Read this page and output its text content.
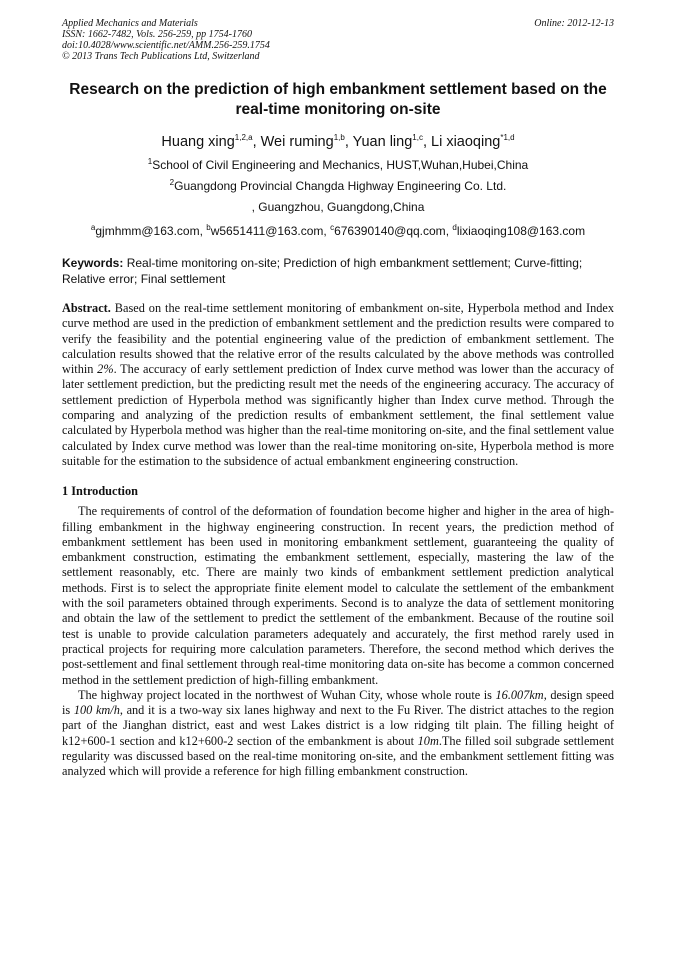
Applied Mechanics and Materials
ISSN: 1662-7482, Vols. 256-259, pp 1754-1760
doi:10.4028/www.scientific.net/AMM.256-259.1754
© 2013 Trans Tech Publications Ltd, Switzerland
Online: 2012-12-13
Research on the prediction of high embankment settlement based on the
real-time monitoring on-site
Huang xing$^{1,2,a}$, Wei ruming$^{1,b}$, Yuan ling$^{1,c}$, Li xiaoqing$^{*1,d}$
$^1$School of Civil Engineering and Mechanics, HUST,Wuhan,Hubei,China
$^2$Guangdong Provincial Changda Highway Engineering Co. Ltd.
, Guangzhou, Guangdong,China
$^a$gjmhmm@163.com, $^b$w5651411@163.com, $^c$676390140@qq.com, $^d$lixiaoqing108@163.com
Keywords: Real-time monitoring on-site; Prediction of high embankment settlement; Curve-fitting; Relative error; Final settlement
Abstract. Based on the real-time settlement monitoring of embankment on-site, Hyperbola method and Index curve method are used in the prediction of embankment settlement and the prediction results were compared to verify the feasibility and the potential engineering value of the prediction of embankment settlement. The calculation results showed that the relative error of the results calculated by the above methods was controlled within 2%. The accuracy of early settlement prediction of Index curve method was lower than the accuracy of later settlement prediction, but the predicting result met the needs of the engineering accuracy. The accuracy of settlement prediction of Hyperbola method was significantly higher than Index curve method. Through the comparing and analyzing of the prediction results of embankment settlement, the final settlement value calculated by Hyperbola method was higher than the real-time monitoring on-site, and the final settlement value calculated by Index curve method was lower than the real-time monitoring on-site, Hyperbola method is more suitable for the estimation to the subsidence of actual embankment engineering construction.
1 Introduction
The requirements of control of the deformation of foundation become higher and higher in the area of high-filling embankment in the highway engineering construction. In recent years, the prediction method of embankment settlement has been used in monitoring embankment settlement, guaranteeing the quality of embankment construction, estimating the embankment settlement, especially, mastering the law of the settlement reasonably, etc. There are mainly two kinds of embankment settlement prediction analytical methods. First is to select the appropriate finite element model to calculate the settlement of the embankment with the soil parameters obtained through experiments. Second is to analyze the data of settlement monitoring and obtain the law of the settlement to predict the settlement of the embankment. Because of the routine soil test is unable to provide calculation parameters adequately and accurately, the first method rarely used in practical projects for requiring more calculation parameters. Therefore, the second method which derives the post-settlement and final settlement through real-time monitoring data on-site has become a common concerned method in the settlement prediction of high-filling embankment.
The highway project located in the northwest of Wuhan City, whose whole route is 16.007km, design speed is 100 km/h, and it is a two-way six lanes highway and next to the Fu River. The district attaches to the region part of the Jianghan district, east and west Lakes district is a low ridging tilt plain. The filling height of k12+600-1 section and k12+600-2 section of the embankment is about 10m.The filled soil subgrade settlement regularity was discussed based on the real-time monitoring on-site, and the embankment settlement fitting was analyzed which will provide a reference for high filling embankment construction.
